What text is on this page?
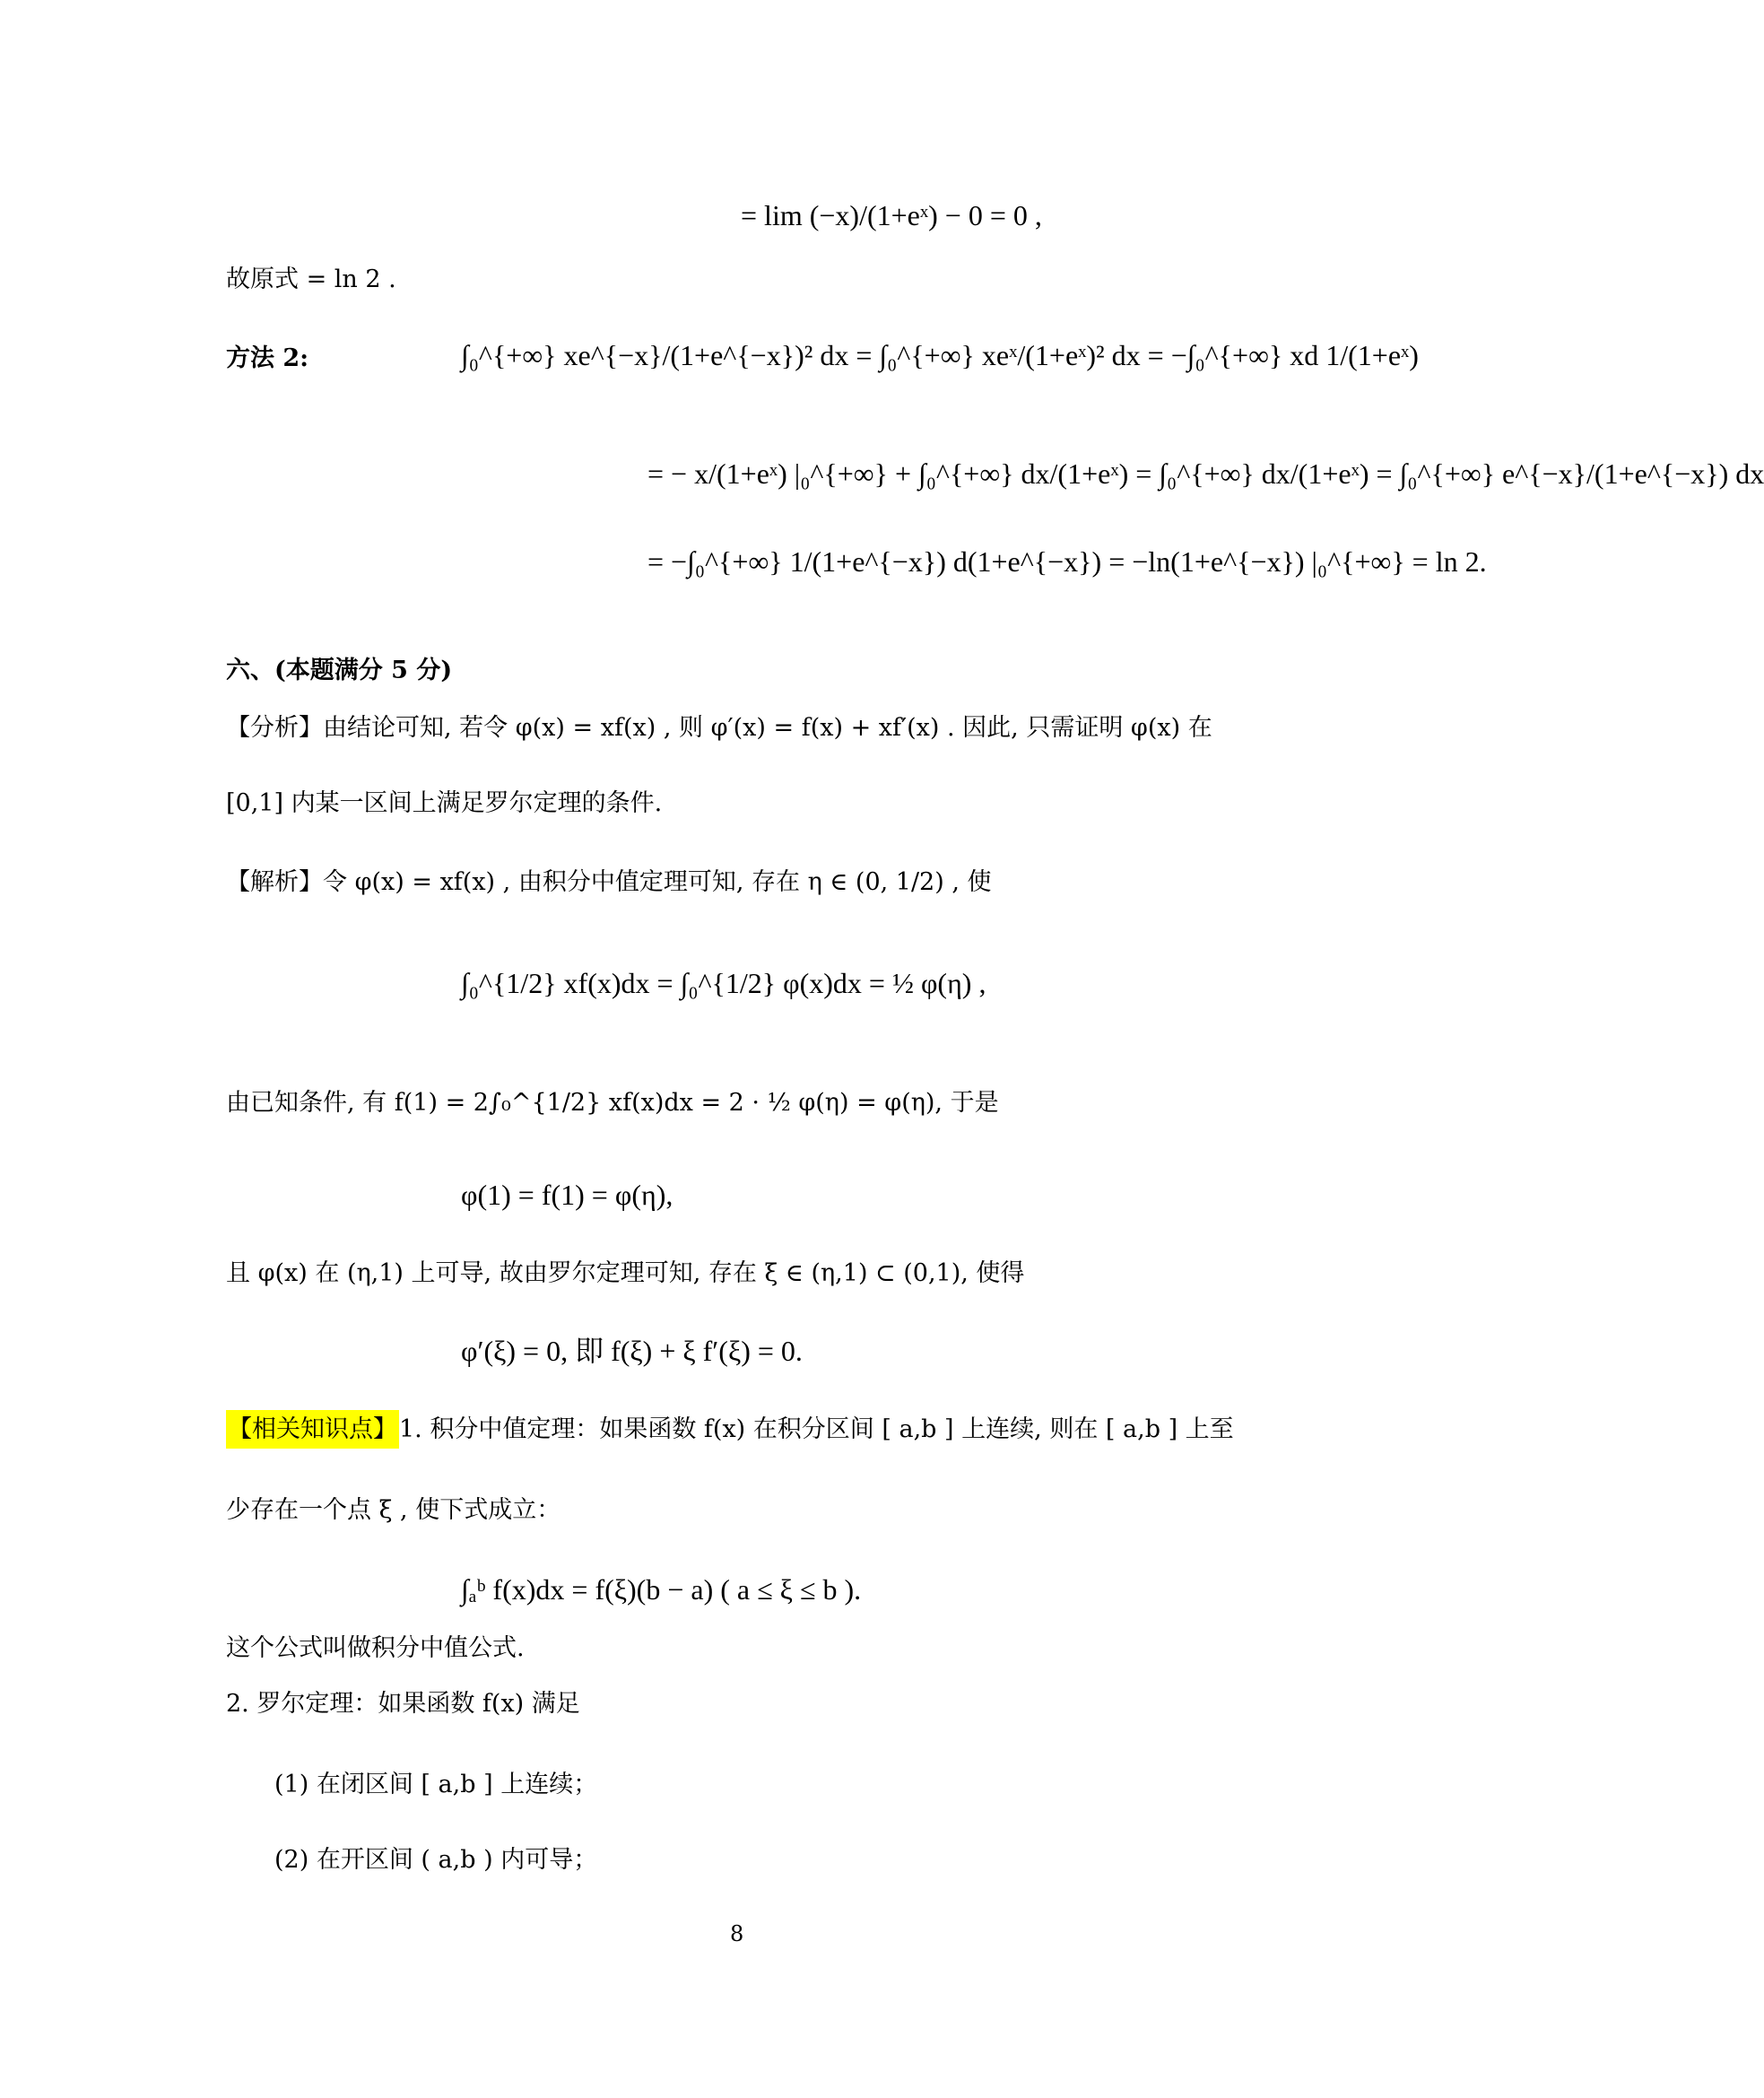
= lim (−x)/(1+eˣ) − 0 = 0 ,
故原式 = ln 2 .
方法 2:	∫₀^{+∞} xe^{−x}/(1+e^{−x})² dx = ∫₀^{+∞} xeˣ/(1+eˣ)² dx = −∫₀^{+∞} xd 1/(1+eˣ)
= − x/(1+eˣ) |₀^{+∞} + ∫₀^{+∞} dx/(1+eˣ) = ∫₀^{+∞} dx/(1+eˣ) = ∫₀^{+∞} e^{−x}/(1+e^{−x}) dx
= −∫₀^{+∞} 1/(1+e^{−x}) d(1+e^{−x}) = −ln(1+e^{−x}) |₀^{+∞} = ln 2.
六、(本题满分 5 分)
【分析】由结论可知, 若令 φ(x) = xf(x) , 则 φ′(x) = f(x) + xf′(x) . 因此, 只需证明 φ(x) 在
[0,1] 内某一区间上满足罗尔定理的条件.
【解析】令 φ(x) = xf(x) , 由积分中值定理可知, 存在 η ∈ (0, 1/2) , 使
∫₀^{1/2} xf(x)dx = ∫₀^{1/2} φ(x)dx = ½ φ(η) ,
由已知条件, 有 f(1) = 2∫₀^{1/2} xf(x)dx = 2 · ½ φ(η) = φ(η), 于是
φ(1) = f(1) = φ(η),
且 φ(x) 在 (η,1) 上可导, 故由罗尔定理可知, 存在 ξ ∈ (η,1) ⊂ (0,1), 使得
φ′(ξ) = 0, 即 f(ξ) + ξ f′(ξ) = 0.
【相关知识点】1. 积分中值定理：如果函数 f(x) 在积分区间 [ a,b ] 上连续, 则在 [ a,b ] 上至
少存在一个点 ξ , 使下式成立：
∫ₐᵇ f(x)dx = f(ξ)(b − a) ( a ≤ ξ ≤ b ).
这个公式叫做积分中值公式.
2. 罗尔定理：如果函数 f(x) 满足
(1) 在闭区间 [ a,b ] 上连续；
(2) 在开区间 ( a,b ) 内可导；
8
